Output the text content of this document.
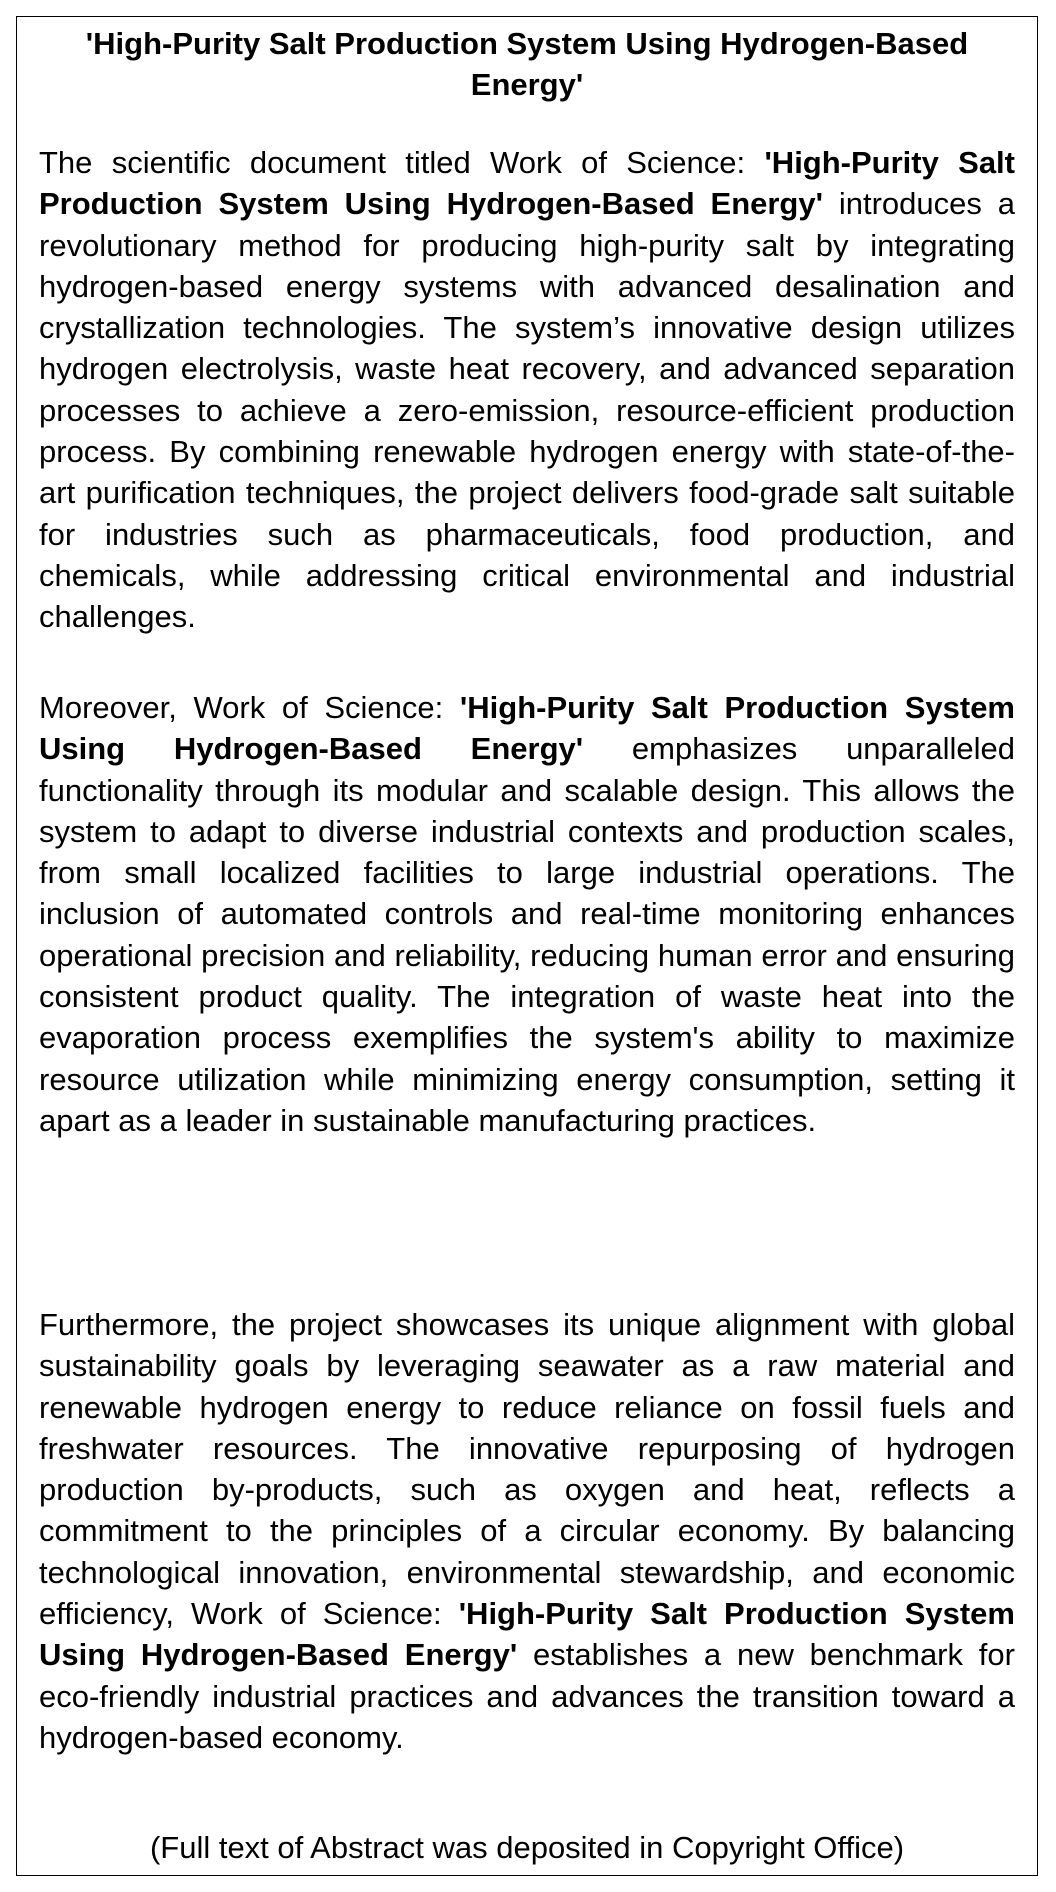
'High-Purity Salt Production System Using Hydrogen-Based Energy'

The scientific document titled Work of Science: 'High-Purity Salt Production System Using Hydrogen-Based Energy' introduces a revolutionary method for producing high-purity salt by integrating hydrogen-based energy systems with advanced desalination and crystallization technologies. The system’s innovative design utilizes hydrogen electrolysis, waste heat recovery, and advanced separation processes to achieve a zero-emission, resource-efficient production process. By combining renewable hydrogen energy with state-of-the-art purification techniques, the project delivers food-grade salt suitable for industries such as pharmaceuticals, food production, and chemicals, while addressing critical environmental and industrial challenges.

Moreover, Work of Science: 'High-Purity Salt Production System Using Hydrogen-Based Energy' emphasizes unparalleled functionality through its modular and scalable design. This allows the system to adapt to diverse industrial contexts and production scales, from small localized facilities to large industrial operations. The inclusion of automated controls and real-time monitoring enhances operational precision and reliability, reducing human error and ensuring consistent product quality. The integration of waste heat into the evaporation process exemplifies the system's ability to maximize resource utilization while minimizing energy consumption, setting it apart as a leader in sustainable manufacturing practices.

Furthermore, the project showcases its unique alignment with global sustainability goals by leveraging seawater as a raw material and renewable hydrogen energy to reduce reliance on fossil fuels and freshwater resources. The innovative repurposing of hydrogen production by-products, such as oxygen and heat, reflects a commitment to the principles of a circular economy. By balancing technological innovation, environmental stewardship, and economic efficiency, Work of Science: 'High-Purity Salt Production System Using Hydrogen-Based Energy' establishes a new benchmark for eco-friendly industrial practices and advances the transition toward a hydrogen-based economy.

(Full text of Abstract was deposited in Copyright Office)
